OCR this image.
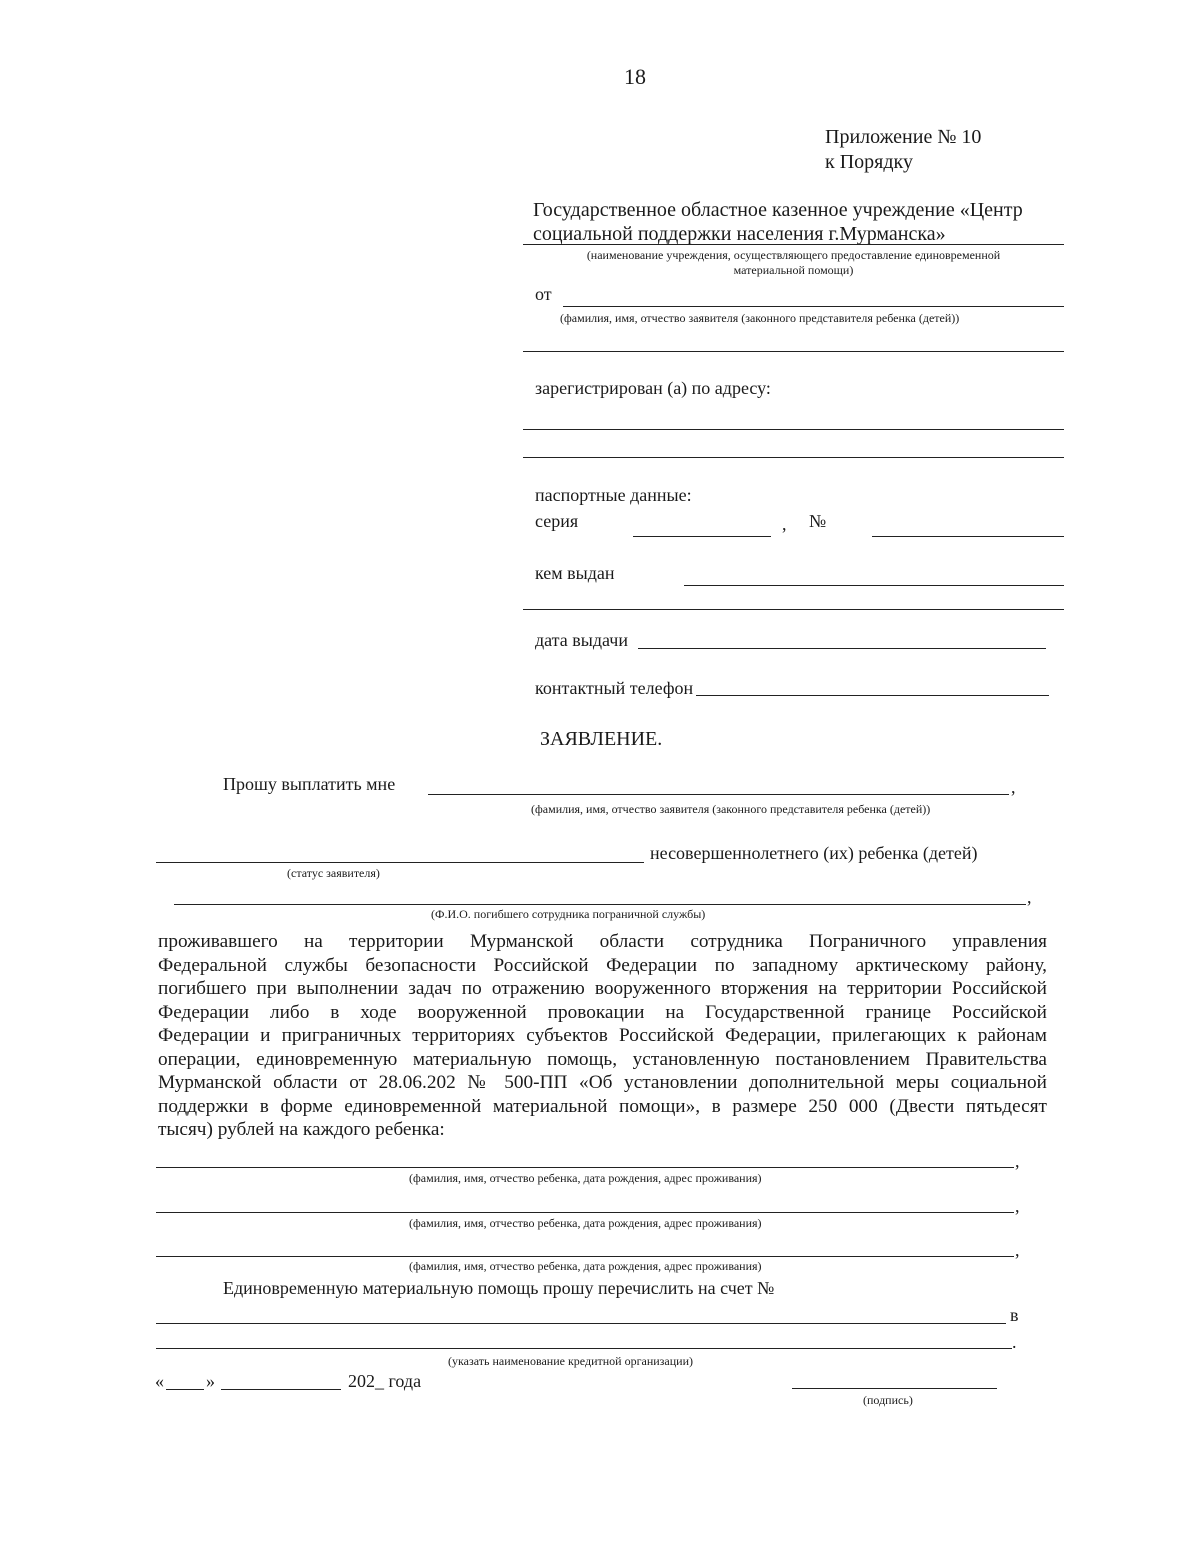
18
Приложение № 10
к Порядку
Государственное областное казенное учреждение «Центр
социальной поддержки населения г.Мурманска»
(наименование учреждения, осуществляющего предоставление единовременной
материальной помощи)
от
(фамилия, имя, отчество заявителя (законного представителя ребенка (детей))
зарегистрирован (а) по адресу:
паспортные данные:
серия	, №
кем выдан
дата выдачи
контактный телефон
ЗАЯВЛЕНИЕ.
Прошу выплатить мне	,
(фамилия, имя, отчество заявителя (законного представителя ребенка (детей))
несовершеннолетнего (их) ребенка (детей)
(статус заявителя)
,
(Ф.И.О. погибшего сотрудника пограничной службы)
проживавшего на территории Мурманской области сотрудника Пограничного управления
Федеральной службы безопасности Российской Федерации по западному арктическому району,
погибшего при выполнении задач по отражению вооруженного вторжения на территории Российской
Федерации либо в ходе вооруженной провокации на Государственной границе Российской
Федерации и приграничных территориях субъектов Российской Федерации, прилегающих к районам
операции, единовременную материальную помощь, установленную постановлением Правительства
Мурманской области от 28.06.202 № 500-ПП «Об установлении дополнительной меры социальной
поддержки в форме единовременной материальной помощи», в размере 250 000 (Двести пятьдесят
тысяч) рублей на каждого ребенка:
,
(фамилия, имя, отчество ребенка, дата рождения, адрес проживания)
,
(фамилия, имя, отчество ребенка, дата рождения, адрес проживания)
,
(фамилия, имя, отчество ребенка, дата рождения, адрес проживания)
Единовременную материальную помощь прошу перечислить на счет №
в
.
(указать наименование кредитной организации)
« »	202_ года
(подпись)
